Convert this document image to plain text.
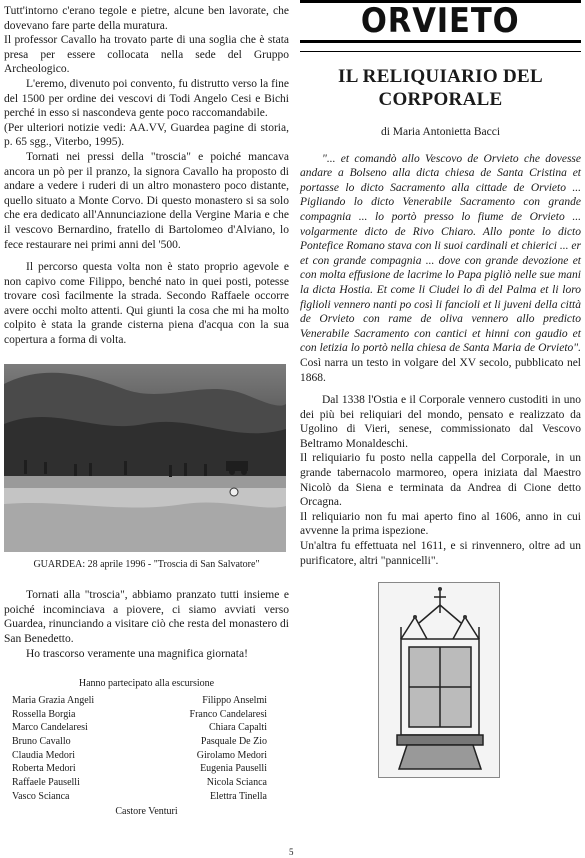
Tutt'intorno c'erano tegole e pietre, alcune ben lavorate, che dovevano fare parte della muratura.

Il professor Cavallo ha trovato parte di una soglia che è stata presa per essere collocata nella sede del Gruppo Archeologico.

L'eremo, divenuto poi convento, fu distrutto verso la fine del 1500 per ordine dei vescovi di Todi Angelo Cesi e Bichi perché in esso si nascondeva gente poco raccomandabile.

(Per ulteriori notizie vedi: AA.VV, Guardea pagine di storia, p. 65 sgg., Viterbo, 1995).

Tornati nei pressi della "troscia" e poiché mancava ancora un pò per il pranzo, la signora Cavallo ha proposto di andare a vedere i ruderi di un altro monastero poco distante, quello situato a Monte Corvo. Di questo monastero si sa solo che era dedicato all'Annunciazione della Vergine Maria e che il vescovo Bernardino, fratello di Bartolomeo d'Alviano, lo fece restaurare nei primi anni del '500.

Il percorso questa volta non è stato proprio agevole e non capivo come Filippo, benché nato in quei posti, potesse trovare così facilmente la strada. Secondo Raffaele occorre avere occhi molto attenti. Qui giunti la cosa che mi ha molto colpito è stata la grande cisterna piena d'acqua con la sua copertura a forma di volta.

GUARDEA: 28 aprile 1996 - "Troscia di San Salvatore"

Tornati alla "troscia", abbiamo pranzato tutti insieme e poiché incominciava a piovere, ci siamo avviati verso Guardea, rinunciando a visitare ciò che resta del monastero di San Benedetto.

Ho trascorso veramente una magnifica giornata!

Hanno partecipato alla escursione

Maria Grazia Angeli	Filippo Anselmi
Rossella Borgia	Franco Candelaresi
Marco Candelaresi	Chiara Capalti
Bruno Cavallo	Pasquale De Zio
Claudia Medori	Girolamo Medori
Roberta Medori	Eugenia Pauselli
Raffaele Pauselli	Nicola Scianca
Vasco Scianca	Elettra Tinella

Castore Venturi

ORVIETO
IL RELIQUIARIO DEL
CORPORALE

di Maria Antonietta Bacci

"... et comandò allo Vescovo de Orvieto che dovesse andare a Bolseno alla dicta chiesa de Santa Cristina et portasse lo dicto Sacramento alla cittade de Orvieto ... Pigliando lo dicto Venerabile Sacramento con grande compagnia ... lo portò presso lo fiume de Orvieto ... volgarmente dicto de Rivo Chiaro. Allo ponte lo dicto Pontefice Romano stava con li suoi cardinali et chierici ... er et con grande compagnia ... dove con grande devozione et con molta effusione de lacrime lo Papa pigliò nelle sue mani la dicta Hostia. Et come li Ciudei lo dì del Palma et li loro figlioli vennero nanti po così li fancioli et li juveni della città de Orvieto con rame de oliva vennero allo predicto Venerabile Sacramento con cantici et hinni con gaudio et con letizia lo portò nella chiesa de Santa Maria de Orvieto". Così narra un testo in volgare del XV secolo, pubblicato nel 1868.

Dal 1338 l'Ostia e il Corporale vennero custoditi in uno dei più bei reliquiari del mondo, pensato e realizzato da Ugolino di Vieri, senese, commissionato dal Vescovo Beltramo Monaldeschi.

Il reliquiario fu posto nella cappella del Corporale, in un grande tabernacolo marmoreo, opera iniziata dal Maestro Nicolò da Siena e terminata da Andrea di Cione detto Orcagna.

Il reliquiario non fu mai aperto fino al 1606, anno in cui avvenne la prima ispezione.

Un'altra fu effettuata nel 1611, e si rinvennero, oltre ad un purificatore, altri "pannicelli".

5
